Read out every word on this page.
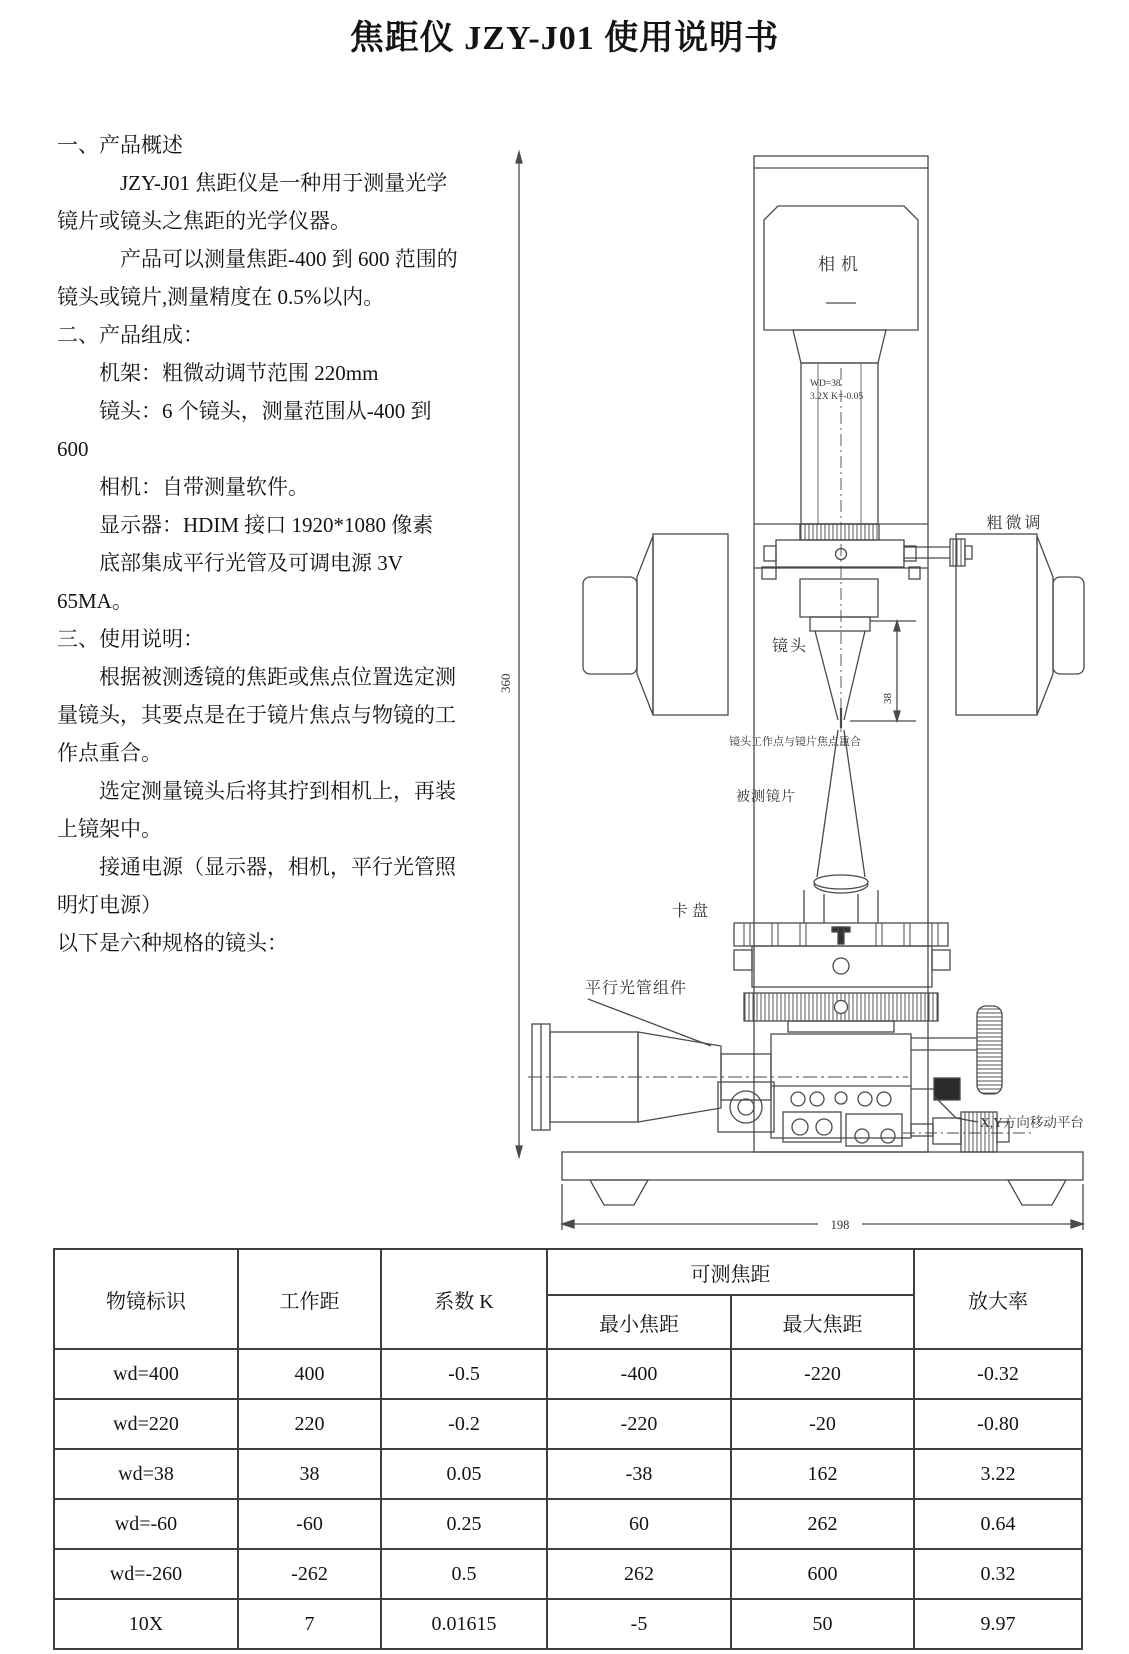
焦距仪 JZY-J01 使用说明书

一、产品概述

JZY-J01 焦距仪是一种用于测量光学镜片或镜头之焦距的光学仪器。

产品可以测量焦距-400 到 600 范围的镜头或镜片,测量精度在 0.5%以内。

二、产品组成：

机架：粗微动调节范围 220mm

镜头：6 个镜头，测量范围从-400 到 600

相机：自带测量软件。

显示器：HDIM 接口 1920*1080 像素

底部集成平行光管及可调电源 3V 65MA。

三、使用说明：

根据被测透镜的焦距或焦点位置选定测量镜头，其要点是在于镜片焦点与物镜的工作点重合。

选定测量镜头后将其拧到相机上，再装上镜架中。

接通电源（显示器，相机，平行光管照明灯电源）

以下是六种规格的镜头：

相机
WD=38
3.2X K=-0.05
粗微调
镜头
38
镜头工作点与镜片焦点重合
被测镜片
卡盘
平行光管组件
X,Y方向移动平台
360
198
物镜标识	工作距	系数 K	可测焦距		放大率
			最小焦距	最大焦距	
wd=400	400	-0.5	-400	-220	-0.32
wd=220	220	-0.2	-220	-20	-0.80
wd=38	38	0.05	-38	162	3.22
wd=-60	-60	0.25	60	262	0.64
wd=-260	-262	0.5	262	600	0.32
10X	7	0.01615	-5	50	9.97
